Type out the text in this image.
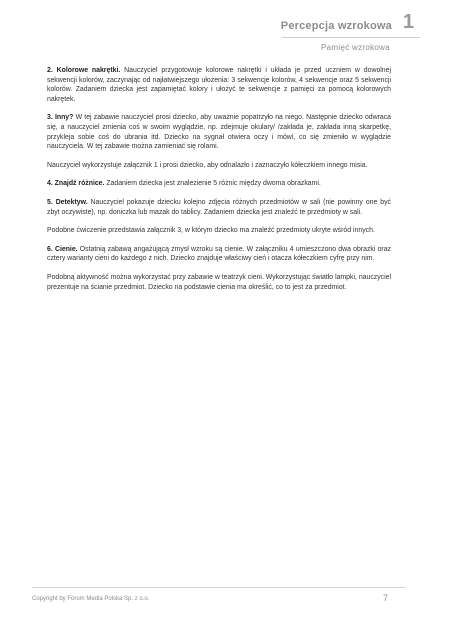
Percepcja wzrokowa 1
Pamięć wzrokowa

2. Kolorowe nakrętki. Nauczyciel przygotowuje kolorowe nakrętki i układa je przed uczniem w dowolnej sekwencji kolorów, zaczynając od najłatwiejszego ułożenia: 3 sekwencje kolorów, 4 sekwencje oraz 5 sekwencji kolorów. Zadaniem dziecka jest zapamiętać kolory i ułożyć te sekwencje z pamięci za pomocą kolorowych nakrętek.

3. Inny? W tej zabawie nauczyciel prosi dziecko, aby uważnie popatrzyło na niego. Następnie dziecko odwraca się, a nauczyciel zmienia coś w swoim wyglądzie, np. zdejmuje okulary/ /zakłada je, zakłada inną skarpetkę, przykleja sobie coś do ubrania itd. Dziecko na sygnał otwiera oczy i mówi, co się zmieniło w wyglądzie nauczyciela. W tej zabawie można zamieniać się rolami.

Nauczyciel wykorzystuje załącznik 1 i prosi dziecko, aby odnalazło i zaznaczyło kółeczkiem innego misia.

4. Znajdź różnice. Zadaniem dziecka jest znalezienie 5 różnic między dwoma obrazkami.

5. Detektyw. Nauczyciel pokazuje dziecku kolejno zdjęcia różnych przedmiotów w sali (nie powinny one być zbyt oczywiste), np. doniczka lub mazak do tablicy. Zadaniem dziecka jest znaleźć te przedmioty w sali.

Podobne ćwiczenie przedstawia załącznik 3, w którym dziecko ma znaleźć przedmioty ukryte wśród innych.

6. Cienie. Ostatnią zabawą angażującą zmysł wzroku są cienie. W załączniku 4 umieszczono dwa obrazki oraz cztery warianty cieni do każdego z nich. Dziecko znajduje właściwy cień i otacza kółeczkiem cyfrę przy nim.

Podobną aktywność można wykorzystać przy zabawie w teatrzyk cieni. Wykorzystując światło lampki, nauczyciel prezentuje na ścianie przedmiot. Dziecko na podstawie cienia ma określić, co to jest za przedmiot.

Copyright by Forum Media Polska Sp. z o.o.	7
